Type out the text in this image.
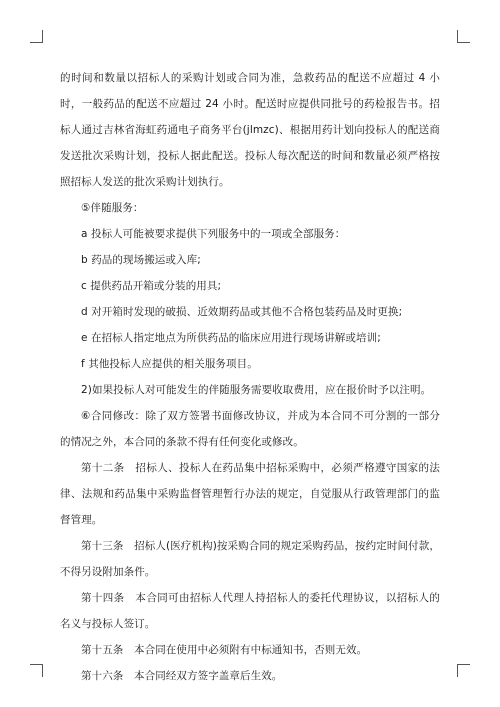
的时间和数量以招标人的采购计划或合同为准，急救药品的配送不应超过 4 小时，一般药品的配送不应超过 24 小时。配送时应提供同批号的药检报告书。招标人通过吉林省海虹药通电子商务平台(jlmzc)、根据用药计划向投标人的配送商发送批次采购计划，投标人据此配送。投标人每次配送的时间和数量必须严格按照招标人发送的批次采购计划执行。

⑤伴随服务：

a 投标人可能被要求提供下列服务中的一项或全部服务：

b 药品的现场搬运或入库;

c 提供药品开箱或分装的用具;

d 对开箱时发现的破损、近效期药品或其他不合格包装药品及时更换;

e 在招标人指定地点为所供药品的临床应用进行现场讲解或培训;

f 其他投标人应提供的相关服务项目。

2)如果投标人对可能发生的伴随服务需要收取费用，应在报价时予以注明。

⑥合同修改：除了双方签署书面修改协议，并成为本合同不可分割的一部分的情况之外，本合同的条款不得有任何变化或修改。

第十二条　招标人、投标人在药品集中招标采购中，必须严格遵守国家的法律、法规和药品集中采购监督管理暂行办法的规定，自觉服从行政管理部门的监督管理。

第十三条　招标人(医疗机构)按采购合同的规定采购药品，按约定时间付款，不得另设附加条件。

第十四条　本合同可由招标人代理人持招标人的委托代理协议，以招标人的名义与投标人签订。

第十五条　本合同在使用中必须附有中标通知书，否则无效。

第十六条　本合同经双方签字盖章后生效。
